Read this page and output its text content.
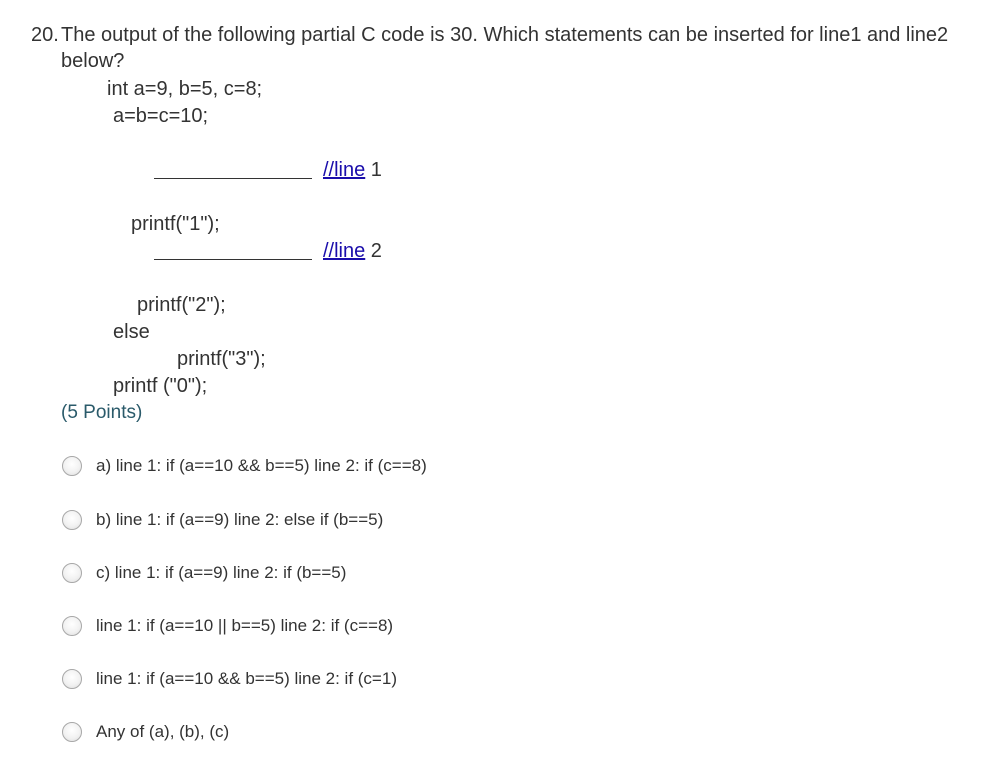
20. The output of the following partial C code is 30. Which statements can be inserted for line1 and line2 below?
int a=9, b=5, c=8;
a=b=c=10;
//line 1
printf("1");
//line 2
printf("2");
else
printf("3");
printf ("0");
(5 Points)
a) line 1: if (a==10 && b==5) line 2: if (c==8)
b) line 1: if (a==9) line 2: else if (b==5)
c) line 1: if (a==9) line 2: if (b==5)
line 1: if (a==10 || b==5) line 2: if (c==8)
line 1: if (a==10 && b==5) line 2: if (c=1)
Any of (a), (b), (c)
